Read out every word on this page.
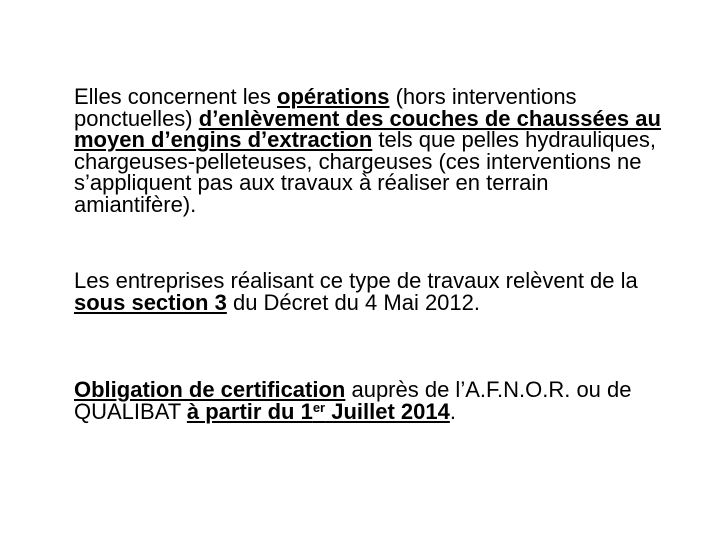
Elles concernent les opérations (hors interventions ponctuelles) d’enlèvement des couches de chaussées au moyen d’engins d’extraction tels que pelles hydrauliques, chargeuses-pelleteuses, chargeuses (ces interventions ne s’appliquent pas aux travaux à réaliser en terrain amiantifère).

Les entreprises réalisant ce type de travaux relèvent de la sous section 3 du Décret du 4 Mai 2012.

Obligation de certification auprès de l’A.F.N.O.R. ou de QUALIBAT à partir du 1er Juillet 2014.
